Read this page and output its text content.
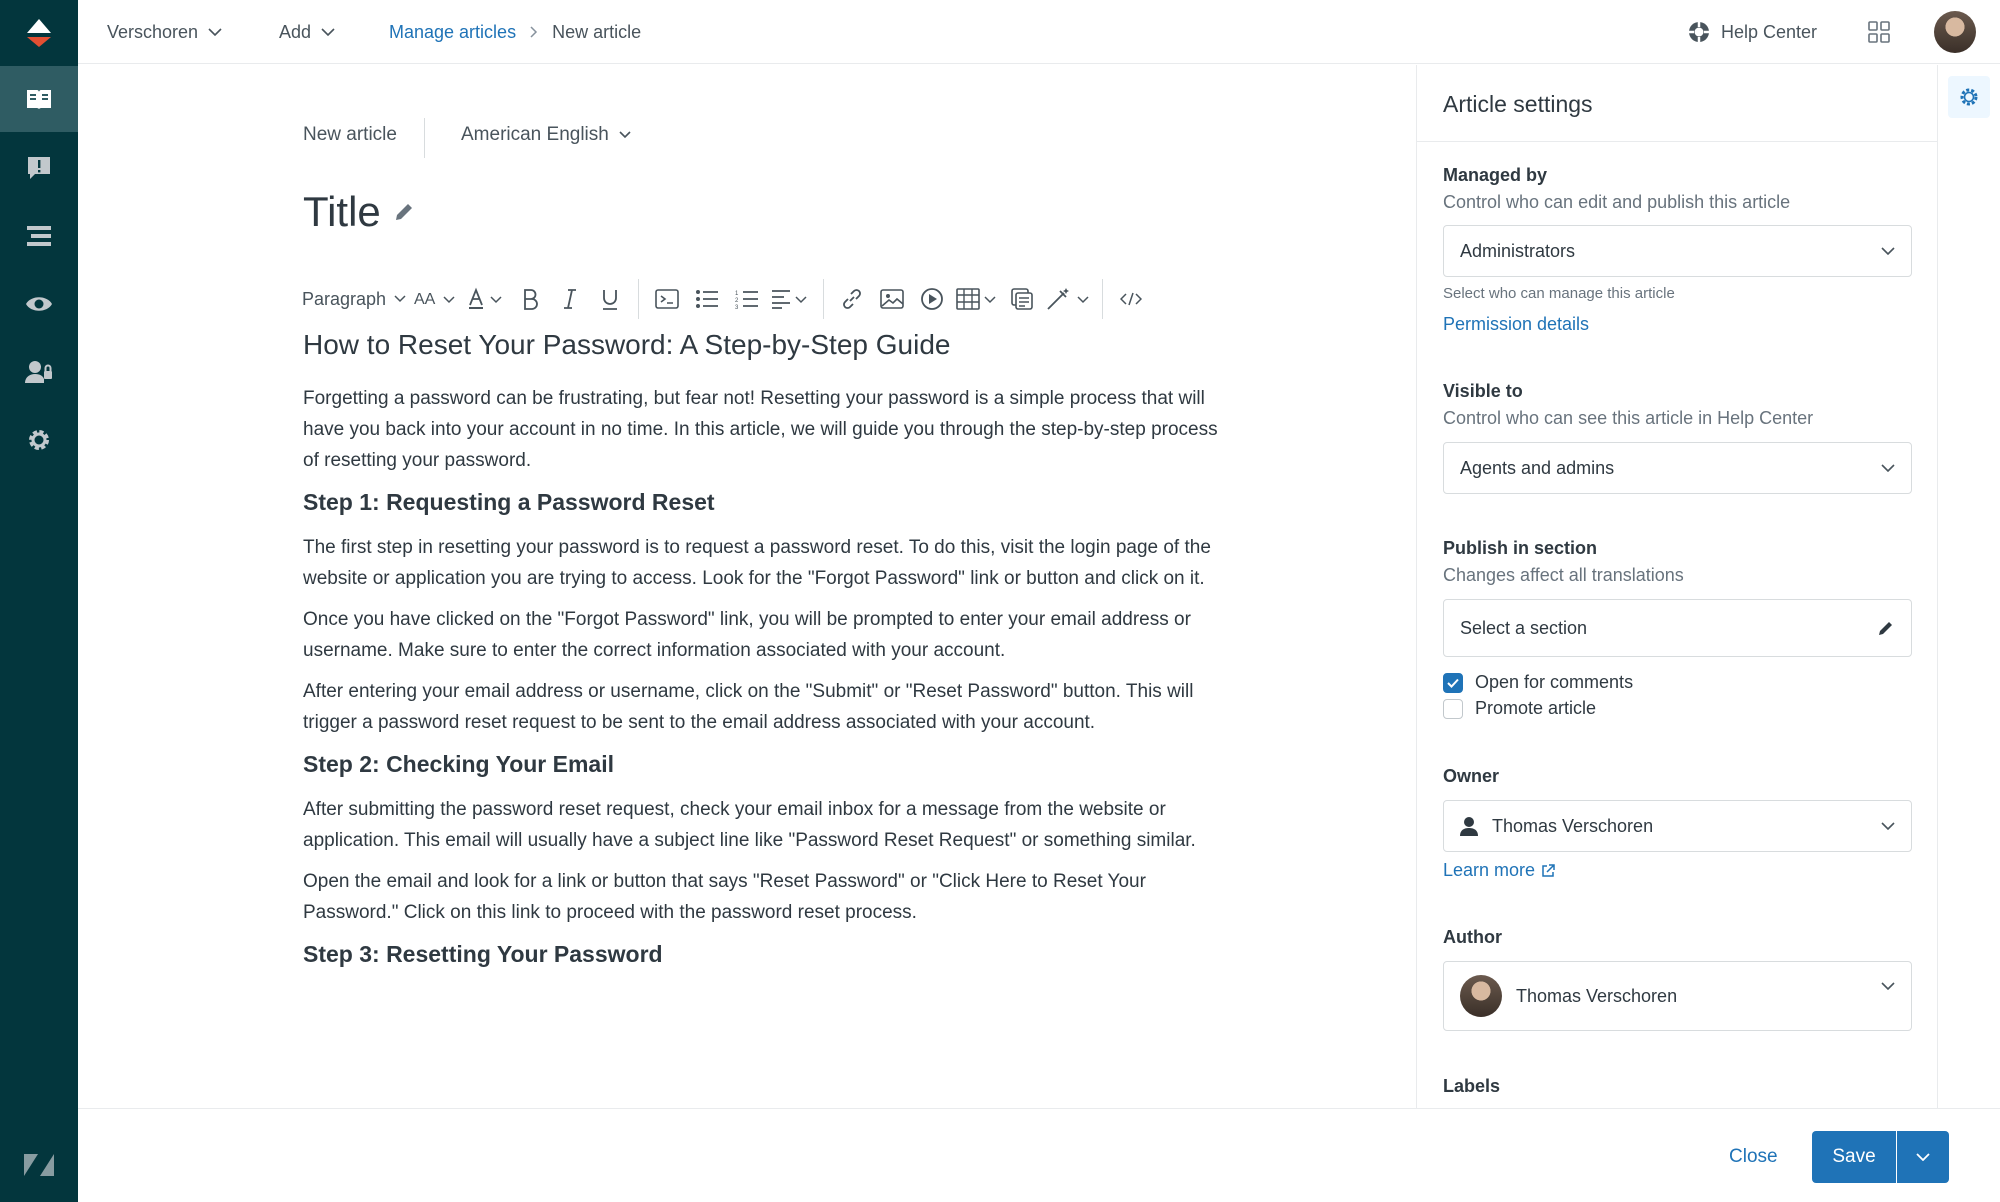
Verschoren	Add	Manage articles New article	Help Center
New article	American English
Title
Paragraph AA	1
2
3
How to Reset Your Password: A Step-by-Step Guide

Forgetting a password can be frustrating, but fear not! Resetting your password is a simple process that will have you back into your account in no time. In this article, we will guide you through the step-by-step process of resetting your password.

Step 1: Requesting a Password Reset

The first step in resetting your password is to request a password reset. To do this, visit the login page of the website or application you are trying to access. Look for the "Forgot Password" link or button and click on it.

Once you have clicked on the "Forgot Password" link, you will be prompted to enter your email address or username. Make sure to enter the correct information associated with your account.

After entering your email address or username, click on the "Submit" or "Reset Password" button. This will trigger a password reset request to be sent to the email address associated with your account.

Step 2: Checking Your Email

After submitting the password reset request, check your email inbox for a message from the website or application. This email will usually have a subject line like "Password Reset Request" or something similar.

Open the email and look for a link or button that says "Reset Password" or "Click Here to Reset Your Password." Click on this link to proceed with the password reset process.

Step 3: Resetting Your Password
Article settings
Managed by
Control who can edit and publish this article
Administrators
Select who can manage this article
Permission details
Visible to
Control who can see this article in Help Center
Agents and admins
Publish in section
Changes affect all translations
Select a section
Open for comments
Promote article
Owner
Thomas Verschoren
Learn more
Author
Thomas Verschoren
Labels
Close	Save
